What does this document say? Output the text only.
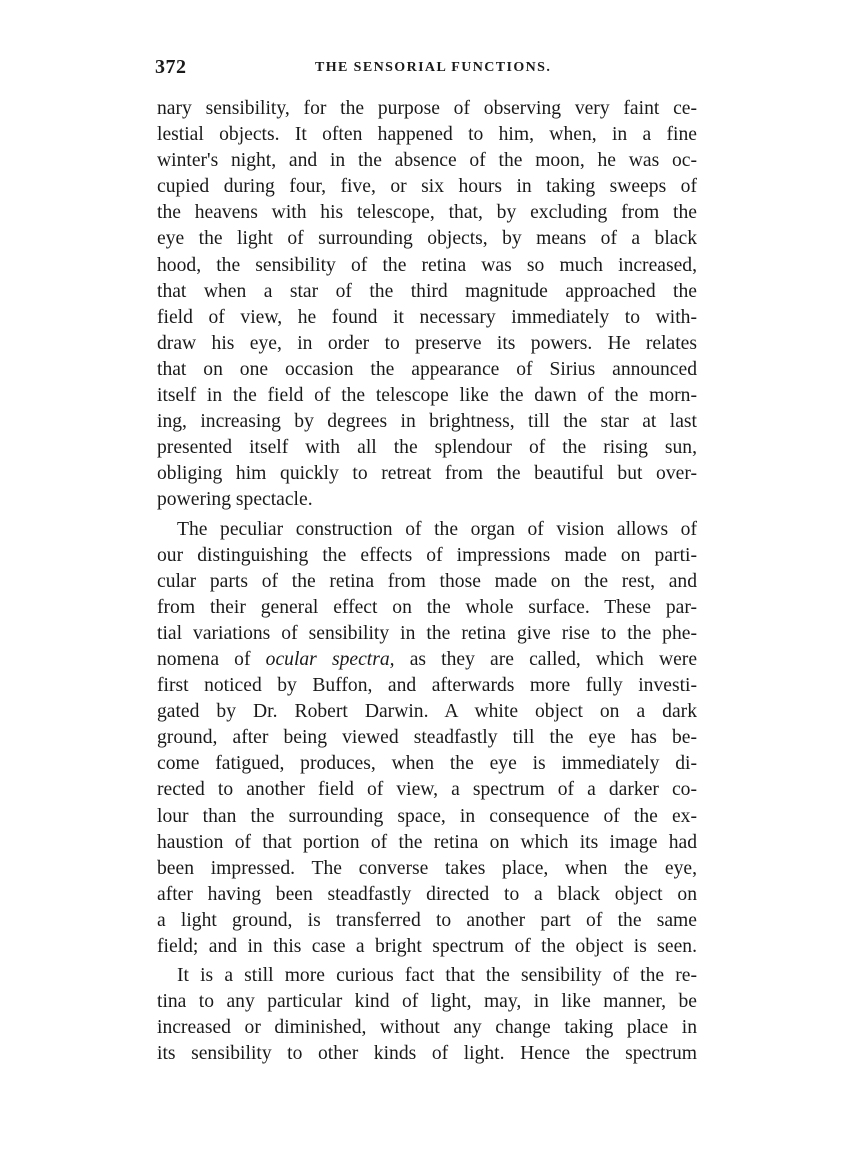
372	THE SENSORIAL FUNCTIONS.
nary sensibility, for the purpose of observing very faint ce-
lestial objects. It often happened to him, when, in a fine
winter's night, and in the absence of the moon, he was oc-
cupied during four, five, or six hours in taking sweeps of
the heavens with his telescope, that, by excluding from the
eye the light of surrounding objects, by means of a black
hood, the sensibility of the retina was so much increased,
that when a star of the third magnitude approached the
field of view, he found it necessary immediately to with-
draw his eye, in order to preserve its powers. He relates
that on one occasion the appearance of Sirius announced
itself in the field of the telescope like the dawn of the morn-
ing, increasing by degrees in brightness, till the star at last
presented itself with all the splendour of the rising sun,
obliging him quickly to retreat from the beautiful but over-
powering spectacle.
The peculiar construction of the organ of vision allows of
our distinguishing the effects of impressions made on parti-
cular parts of the retina from those made on the rest, and
from their general effect on the whole surface. These par-
tial variations of sensibility in the retina give rise to the phe-
nomena of ocular spectra, as they are called, which were
first noticed by Buffon, and afterwards more fully investi-
gated by Dr. Robert Darwin. A white object on a dark
ground, after being viewed steadfastly till the eye has be-
come fatigued, produces, when the eye is immediately di-
rected to another field of view, a spectrum of a darker co-
lour than the surrounding space, in consequence of the ex-
haustion of that portion of the retina on which its image had
been impressed. The converse takes place, when the eye,
after having been steadfastly directed to a black object on
a light ground, is transferred to another part of the same
field; and in this case a bright spectrum of the object is seen.
It is a still more curious fact that the sensibility of the re-
tina to any particular kind of light, may, in like manner, be
increased or diminished, without any change taking place in
its sensibility to other kinds of light. Hence the spectrum
